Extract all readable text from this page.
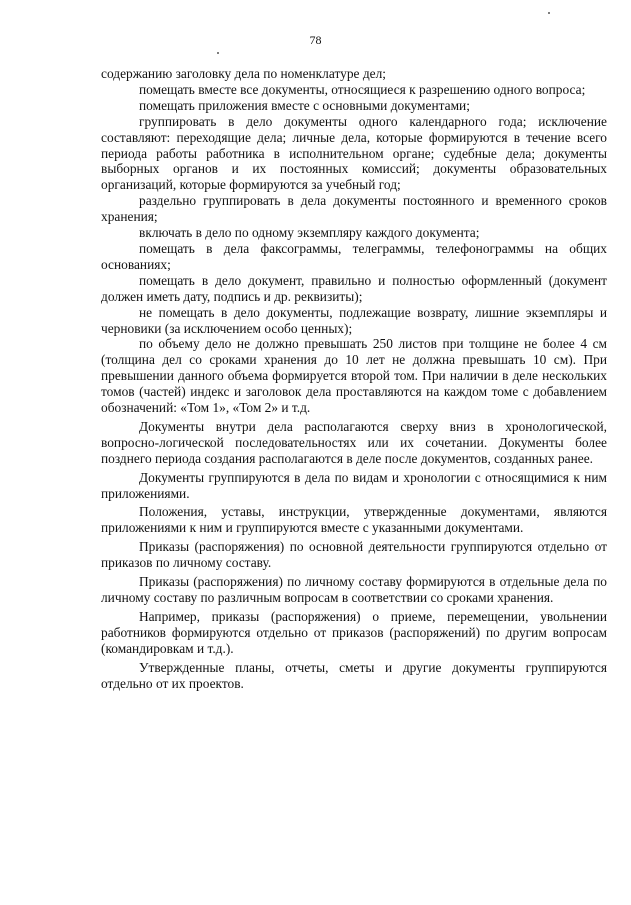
78

содержанию заголовку дела по номенклатуре дел;

помещать вместе все документы, относящиеся к разрешению одного вопроса;

помещать приложения вместе с основными документами;

группировать в дело документы одного календарного года; исключение составляют: переходящие дела; личные дела, которые формируются в течение всего периода работы работника в исполнительном органе; судебные дела; документы выборных органов и их постоянных комиссий; документы образовательных организаций, которые формируются за учебный год;

раздельно группировать в дела документы постоянного и временного сроков хранения;

включать в дело по одному экземпляру каждого документа;

помещать в дела факсограммы, телеграммы, телефонограммы на общих основаниях;

помещать в дело документ, правильно и полностью оформленный (документ должен иметь дату, подпись и др. реквизиты);

не помещать в дело документы, подлежащие возврату, лишние экземпляры и черновики (за исключением особо ценных);

по объему дело не должно превышать 250 листов при толщине не более 4 см (толщина дел со сроками хранения до 10 лет не должна превышать 10 см). При превышении данного объема формируется второй том. При наличии в деле нескольких томов (частей) индекс и заголовок дела проставляются на каждом томе с добавлением обозначений: «Том 1», «Том 2» и т.д.

Документы внутри дела располагаются сверху вниз в хронологической, вопросно-логической последовательностях или их сочетании. Документы более позднего периода создания располагаются в деле после документов, созданных ранее.

Документы группируются в дела по видам и хронологии с относящимися к ним приложениями.

Положения, уставы, инструкции, утвержденные документами, являются приложениями к ним и группируются вместе с указанными документами.

Приказы (распоряжения) по основной деятельности группируются отдельно от приказов по личному составу.

Приказы (распоряжения) по личному составу формируются в отдельные дела по личному составу по различным вопросам в соответствии со сроками хранения.

Например, приказы (распоряжения) о приеме, перемещении, увольнении работников формируются отдельно от приказов (распоряжений) по другим вопросам (командировкам и т.д.).

Утвержденные планы, отчеты, сметы и другие документы группируются отдельно от их проектов.
